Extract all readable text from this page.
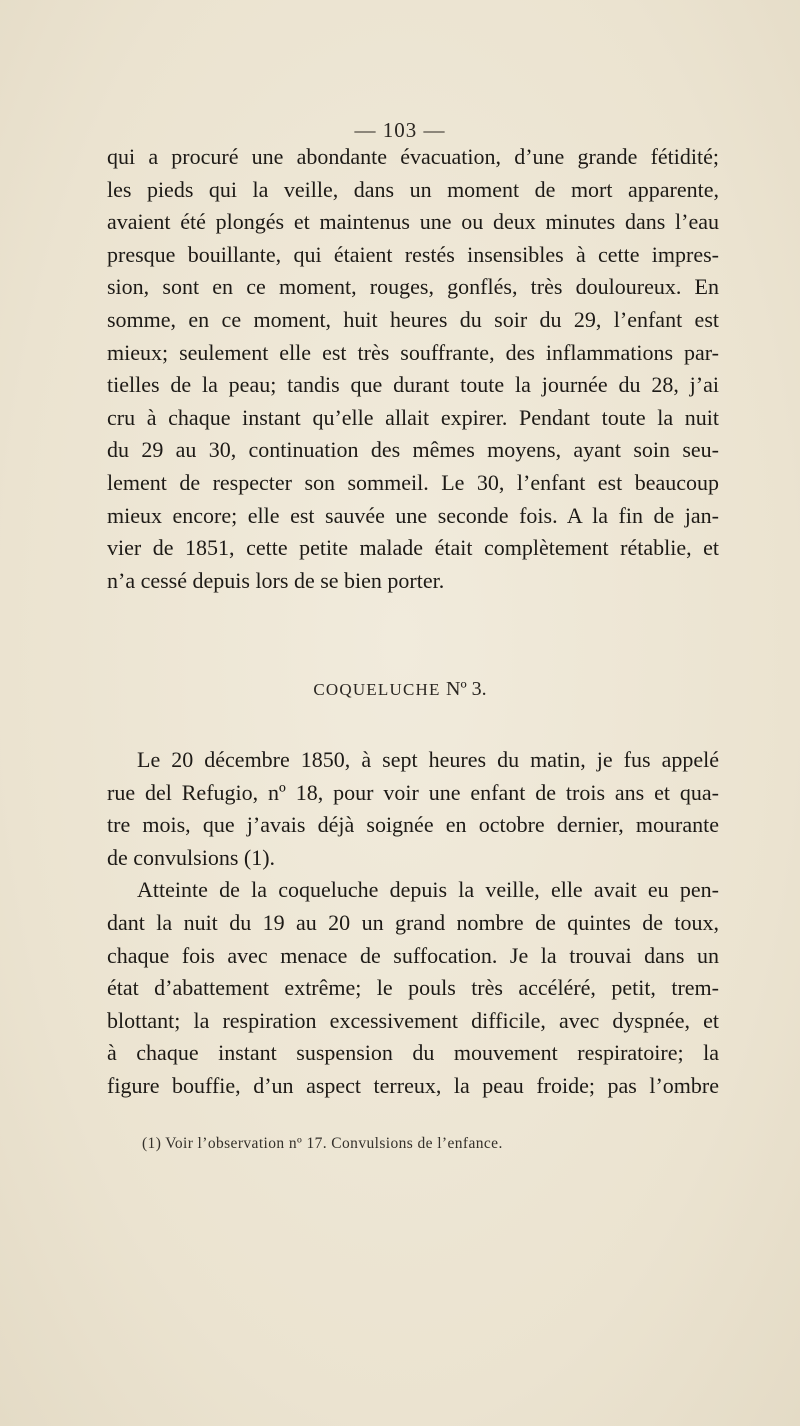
— 103 —
qui a procuré une abondante évacuation, d’une grande fétidité;
les pieds qui la veille, dans un moment de mort apparente,
avaient été plongés et maintenus une ou deux minutes dans l’eau
presque bouillante, qui étaient restés insensibles à cette impres-
sion, sont en ce moment, rouges, gonflés, très douloureux. En
somme, en ce moment, huit heures du soir du 29, l’enfant est
mieux; seulement elle est très souffrante, des inflammations par-
tielles de la peau; tandis que durant toute la journée du 28, j’ai
cru à chaque instant qu’elle allait expirer. Pendant toute la nuit
du 29 au 30, continuation des mêmes moyens, ayant soin seu-
lement de respecter son sommeil. Le 30, l’enfant est beaucoup
mieux encore; elle est sauvée une seconde fois. A la fin de jan-
vier de 1851, cette petite malade était complètement rétablie, et
n’a cessé depuis lors de se bien porter.
COQUELUCHE Nº 3.
Le 20 décembre 1850, à sept heures du matin, je fus appelé
rue del Refugio, nº 18, pour voir une enfant de trois ans et qua-
tre mois, que j’avais déjà soignée en octobre dernier, mourante
de convulsions (1).
Atteinte de la coqueluche depuis la veille, elle avait eu pen-
dant la nuit du 19 au 20 un grand nombre de quintes de toux,
chaque fois avec menace de suffocation. Je la trouvai dans un
état d’abattement extrême; le pouls très accéléré, petit, trem-
blottant; la respiration excessivement difficile, avec dyspnée, et
à chaque instant suspension du mouvement respiratoire; la
figure bouffie, d’un aspect terreux, la peau froide; pas l’ombre
(1) Voir l’observation nº 17. Convulsions de l’enfance.
